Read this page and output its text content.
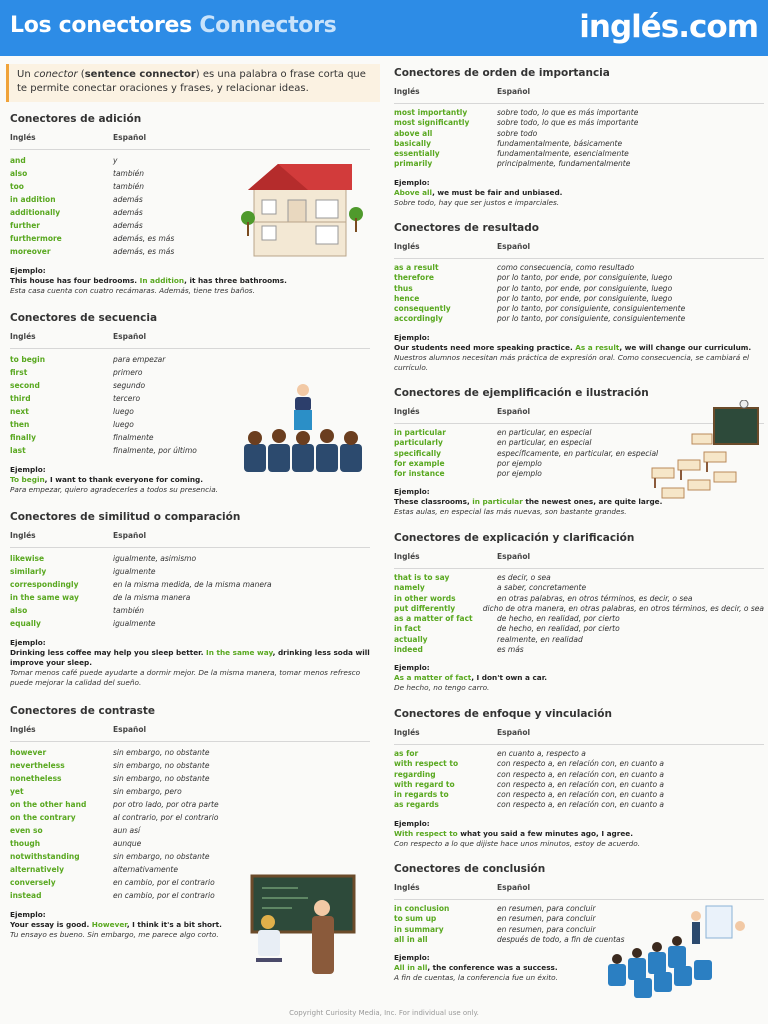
Los conectores Connectors	inglés.com
Un conector (sentence connector) es una palabra o frase corta que te permite conectar oraciones y frases, y relacionar ideas.
Conectores de adición
Inglés	Español
and	y
also	también
too	también
in addition	además
additionally	además
further	además
furthermore	además, es más
moreover	además, es más
Ejemplo:
This house has four bedrooms. In addition, it has three bathrooms.
Esta casa cuenta con cuatro recámaras. Además, tiene tres baños.
Conectores de secuencia
Inglés	Español
to begin	para empezar
first	primero
second	segundo
third	tercero
next	luego
then	luego
finally	finalmente
last	finalmente, por último
Ejemplo:
To begin, I want to thank everyone for coming.
Para empezar, quiero agradecerles a todos su presencia.
Conectores de similitud o comparación
Inglés	Español
likewise	igualmente, asimismo
similarly	igualmente
correspondingly	en la misma medida, de la misma manera
in the same way	de la misma manera
also	también
equally	igualmente
Ejemplo:
Drinking less coffee may help you sleep better. In the same way, drinking less soda will improve your sleep.
Tomar menos café puede ayudarte a dormir mejor. De la misma manera, tomar menos refresco puede mejorar la calidad del sueño.
Conectores de contraste
Inglés	Español
however	sin embargo, no obstante
nevertheless	sin embargo, no obstante
nonetheless	sin embargo, no obstante
yet	sin embargo, pero
on the other hand	por otro lado, por otra parte
on the contrary	al contrario, por el contrario
even so	aun así
though	aunque
notwithstanding	sin embargo, no obstante
alternatively	alternativamente
conversely	en cambio, por el contrario
instead	en cambio, por el contrario
Ejemplo:
Your essay is good. However, I think it's a bit short.
Tu ensayo es bueno. Sin embargo, me parece algo corto.
Conectores de orden de importancia
Inglés	Español
most importantly	sobre todo, lo que es más importante
most significantly	sobre todo, lo que es más importante
above all	sobre todo
basically	fundamentalmente, básicamente
essentially	fundamentalmente, esencialmente
primarily	principalmente, fundamentalmente
Ejemplo:
Above all, we must be fair and unbiased.
Sobre todo, hay que ser justos e imparciales.
Conectores de resultado
Inglés	Español
as a result	como consecuencia, como resultado
therefore	por lo tanto, por ende, por consiguiente, luego
thus	por lo tanto, por ende, por consiguiente, luego
hence	por lo tanto, por ende, por consiguiente, luego
consequently	por lo tanto, por consiguiente, consiguientemente
accordingly	por lo tanto, por consiguiente, consiguientemente
Ejemplo:
Our students need more speaking practice. As a result, we will change our curriculum.
Nuestros alumnos necesitan más práctica de expresión oral. Como consecuencia, se cambiará el currículo.
Conectores de ejemplificación e ilustración
Inglés	Español
in particular	en particular, en especial
particularly	en particular, en especial
specifically	específicamente, en particular, en especial
for example	por ejemplo
for instance	por ejemplo
Ejemplo:
These classrooms, in particular the newest ones, are quite large.
Estas aulas, en especial las más nuevas, son bastante grandes.
Conectores de explicación y clarificación
Inglés	Español
that is to say	es decir, o sea
namely	a saber, concretamente
in other words	en otras palabras, en otros términos, es decir, o sea
put differently	dicho de otra manera, en otras palabras, en otros términos, es decir, o sea
as a matter of fact	de hecho, en realidad, por cierto
in fact	de hecho, en realidad, por cierto
actually	realmente, en realidad
indeed	es más
Ejemplo:
As a matter of fact, I don't own a car.
De hecho, no tengo carro.
Conectores de enfoque y vinculación
Inglés	Español
as for	en cuanto a, respecto a
with respect to	con respecto a, en relación con, en cuanto a
regarding	con respecto a, en relación con, en cuanto a
with regard to	con respecto a, en relación con, en cuanto a
in regards to	con respecto a, en relación con, en cuanto a
as regards	con respecto a, en relación con, en cuanto a
Ejemplo:
With respect to what you said a few minutes ago, I agree.
Con respecto a lo que dijiste hace unos minutos, estoy de acuerdo.
Conectores de conclusión
Inglés	Español
in conclusion	en resumen, para concluir
to sum up	en resumen, para concluir
in summary	en resumen, para concluir
all in all	después de todo, a fin de cuentas
Ejemplo:
All in all, the conference was a success.
A fin de cuentas, la conferencia fue un éxito.
Copyright Curiosity Media, Inc. For individual use only.
